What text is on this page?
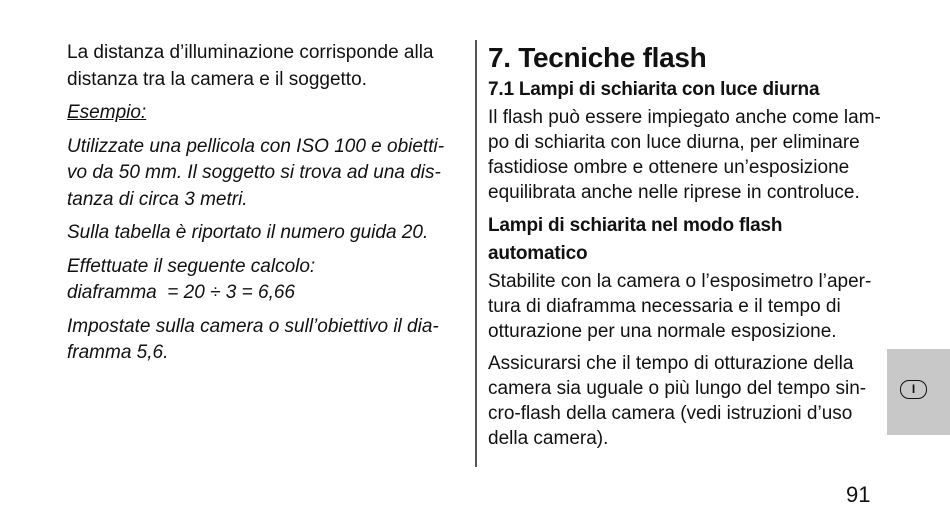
La distanza d’illuminazione corrisponde alla
distanza tra la camera e il soggetto.

Esempio:

Utilizzate una pellicola con ISO 100 e obietti-
vo da 50 mm. Il soggetto si trova ad una dis-
tanza di circa 3 metri.

Sulla tabella è riportato il numero guida 20.

Effettuate il seguente calcolo:
diaframma  = 20 ÷ 3 = 6,66

Impostate sulla camera o sull’obiettivo il dia-
framma 5,6.

7. Tecniche flash
7.1 Lampi di schiarita con luce diurna

Il flash può essere impiegato anche come lam-
po di schiarita con luce diurna, per eliminare
fastidiose ombre e ottenere un’esposizione
equilibrata anche nelle riprese in controluce.

Lampi di schiarita nel modo flash automatico

Stabilite con la camera o l’esposimetro l’aper-
tura di diaframma necessaria e il tempo di
otturazione per una normale esposizione.

Assicurarsi che il tempo di otturazione della
camera sia uguale o più lungo del tempo sin-
cro-flash della camera (vedi istruzioni d’uso
della camera).

I
91
